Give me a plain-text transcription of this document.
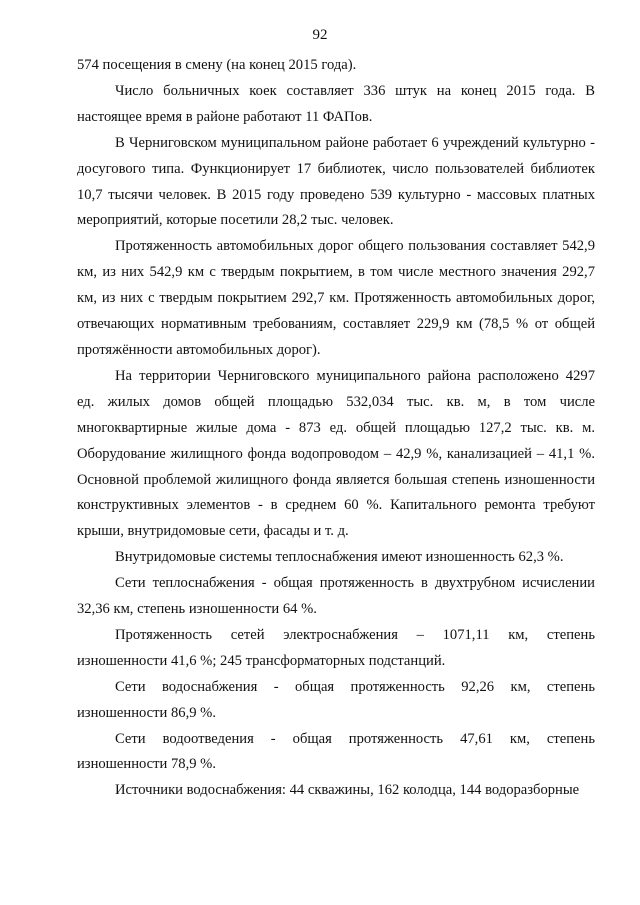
92

574 посещения в смену (на конец 2015 года).

Число больничных коек составляет 336 штук на конец 2015 года. В настоящее время в районе работают 11 ФАПов.

В Черниговском муниципальном районе работает 6 учреждений культурно - досугового типа. Функционирует 17 библиотек, число пользователей библиотек 10,7 тысячи человек. В 2015 году проведено 539 культурно - массовых платных мероприятий, которые посетили 28,2 тыс. человек.

Протяженность автомобильных дорог общего пользования составляет 542,9 км, из них 542,9 км с твердым покрытием, в том числе местного значения 292,7 км, из них с твердым покрытием 292,7 км. Протяженность автомобильных дорог, отвечающих нормативным требованиям, составляет 229,9 км (78,5 % от общей протяжённости автомобильных дорог).

На территории Черниговского муниципального района расположено 4297 ед. жилых домов общей площадью 532,034 тыс. кв. м, в том числе многоквартирные жилые дома - 873 ед. общей площадью 127,2 тыс. кв. м. Оборудование жилищного фонда водопроводом – 42,9 %, канализацией – 41,1 %. Основной проблемой жилищного фонда является большая степень изношенности конструктивных элементов - в среднем 60 %. Капитального ремонта требуют крыши, внутридомовые сети, фасады и т. д.

Внутридомовые системы теплоснабжения имеют изношенность 62,3 %.

Сети теплоснабжения - общая протяженность в двухтрубном исчислении 32,36 км, степень изношенности 64 %.

Протяженность сетей электроснабжения – 1071,11 км, степень изношенности 41,6 %; 245 трансформаторных подстанций.

Сети водоснабжения - общая протяженность 92,26 км, степень изношенности 86,9 %.

Сети водоотведения - общая протяженность 47,61 км, степень изношенности 78,9 %.

Источники водоснабжения: 44 скважины, 162 колодца, 144 водоразборные
